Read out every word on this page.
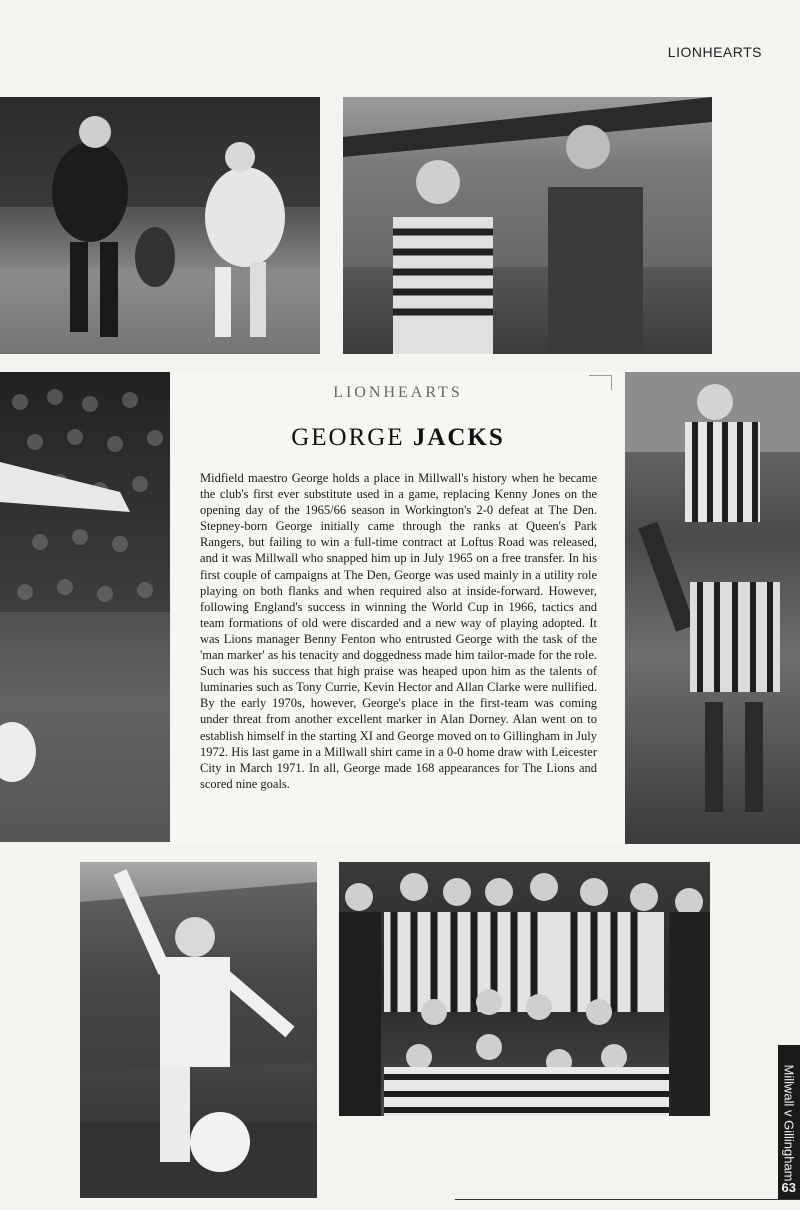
LIONHEARTS
LIONHEARTS
GEORGE JACKS
Midfield maestro George holds a place in Millwall's history when he became the club's first ever substitute used in a game, replacing Kenny Jones on the opening day of the 1965/66 season in Workington's 2-0 defeat at The Den. Stepney-born George initially came through the ranks at Queen's Park Rangers, but failing to win a full-time contract at Loftus Road was released, and it was Millwall who snapped him up in July 1965 on a free transfer. In his first couple of campaigns at The Den, George was used mainly in a utility role playing on both flanks and when required also at inside-forward. However, following England's success in winning the World Cup in 1966, tactics and team formations of old were discarded and a new way of playing adopted. It was Lions manager Benny Fenton who entrusted George with the task of the 'man marker' as his tenacity and doggedness made him tailor-made for the role. Such was his success that high praise was heaped upon him as the talents of luminaries such as Tony Currie, Kevin Hector and Allan Clarke were nullified. By the early 1970s, however, George's place in the first-team was coming under threat from another excellent marker in Alan Dorney. Alan went on to establish himself in the starting XI and George moved on to Gillingham in July 1972. His last game in a Millwall shirt came in a 0-0 home draw with Leicester City in March 1971. In all, George made 168 appearances for The Lions and scored nine goals.
Millwall v Gillingham
63
